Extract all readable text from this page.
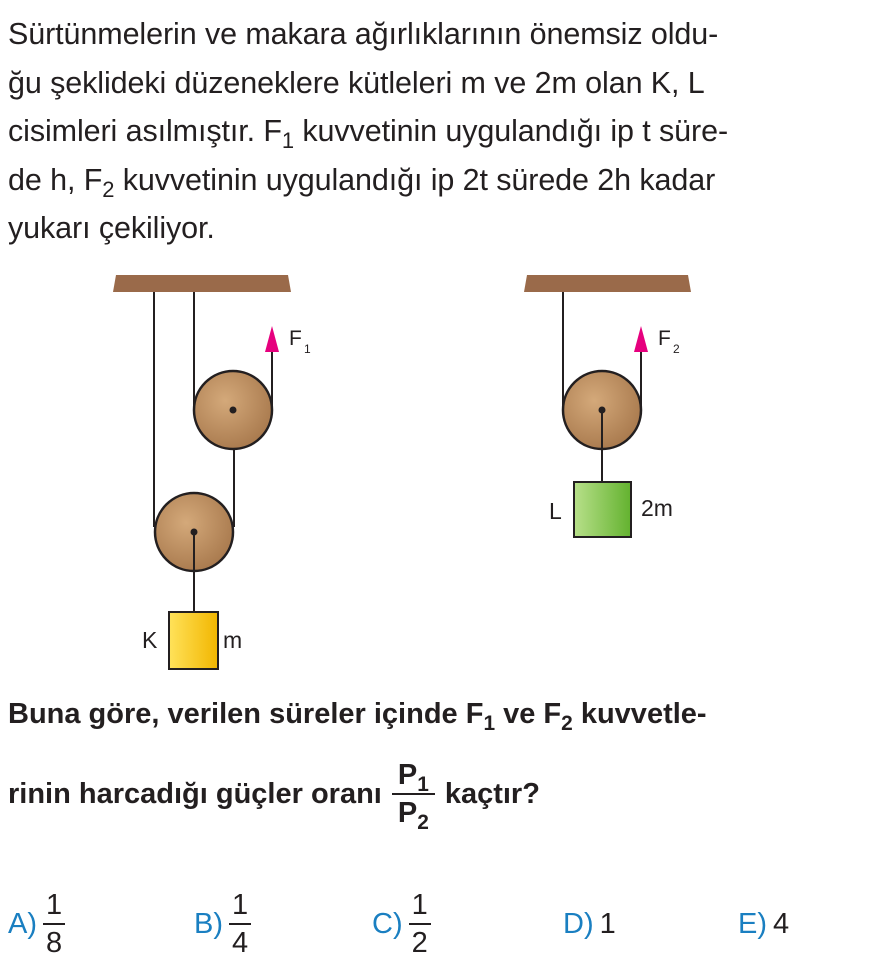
Sürtünmelerin ve makara ağırlıklarının önemsiz oldu-
ğu şeklideki düzeneklere kütleleri m ve 2m olan K, L
cisimleri asılmıştır. $F_1$ kuvvetinin uygulandığı ip t süre-
de h, $F_2$ kuvvetinin uygulandığı ip 2t sürede 2h kadar
yukarı çekiliyor.
F 1
K	m
F 2
L	2m
Buna göre, verilen süreler içinde $F_1$ ve $F_2$ kuvvetle-
rinin harcadığı güçler oranı $\frac{P_1}{P_2}$ kaçtır?
$A) \frac{1}{8}$	$B) \frac{1}{4}$	$C) \frac{1}{2}$	D) 1	E) 4
